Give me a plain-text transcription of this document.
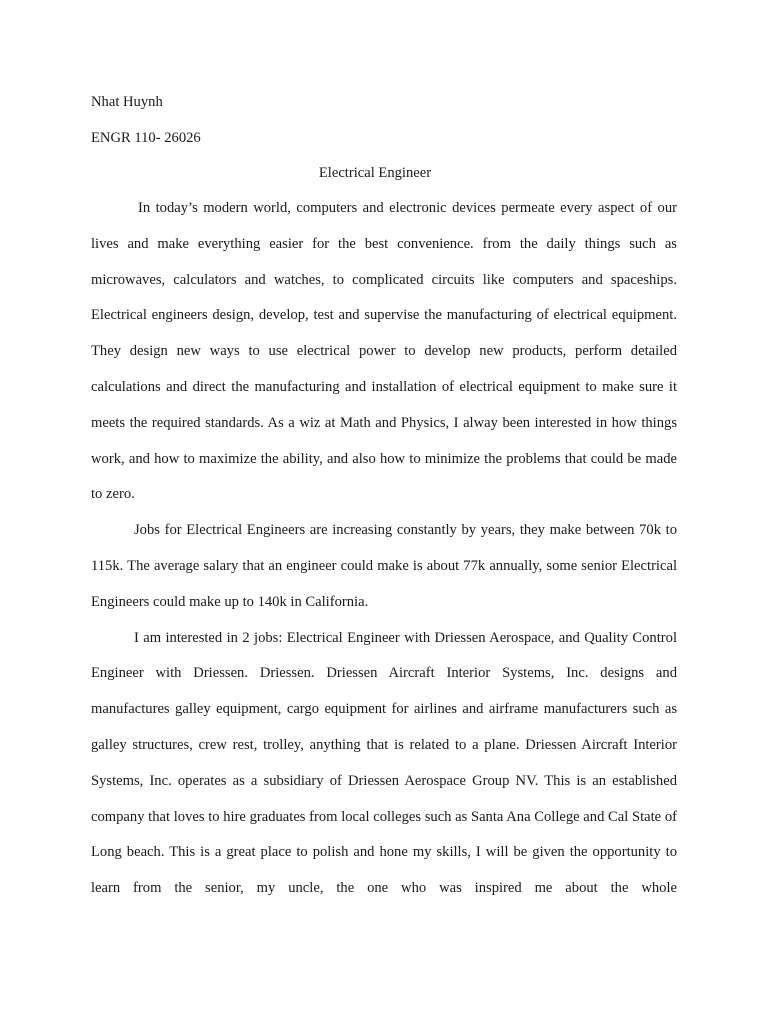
Nhat Huynh
ENGR 110- 26026
Electrical Engineer

In today’s modern world, computers and electronic devices permeate every aspect of our lives and make everything easier for the best convenience. from the daily things such as microwaves, calculators and watches, to complicated circuits like computers and spaceships. Electrical engineers design, develop, test and supervise the manufacturing of electrical equipment. They design new ways to use electrical power to develop new products, perform detailed calculations and direct the manufacturing and installation of electrical equipment to make sure it meets the required standards. As a wiz at Math and Physics, I alway been interested in how things work, and how to maximize the ability, and also how to minimize the problems that could be made to zero.

Jobs for Electrical Engineers are increasing constantly by years, they make between 70k to 115k. The average salary that an engineer could make is about 77k annually, some senior Electrical Engineers could make up to 140k in California.

I am interested in 2 jobs: Electrical Engineer with Driessen Aerospace, and Quality Control Engineer with Driessen. Driessen. Driessen Aircraft Interior Systems, Inc. designs and manufactures galley equipment, cargo equipment for airlines and airframe manufacturers such as galley structures, crew rest, trolley, anything that is related to a plane. Driessen Aircraft Interior Systems, Inc. operates as a subsidiary of Driessen Aerospace Group NV. This is an established company that loves to hire graduates from local colleges such as Santa Ana College and Cal State of Long beach. This is a great place to polish and hone my skills, I will be given the opportunity to learn from the senior, my uncle, the one who was inspired me about the whole
